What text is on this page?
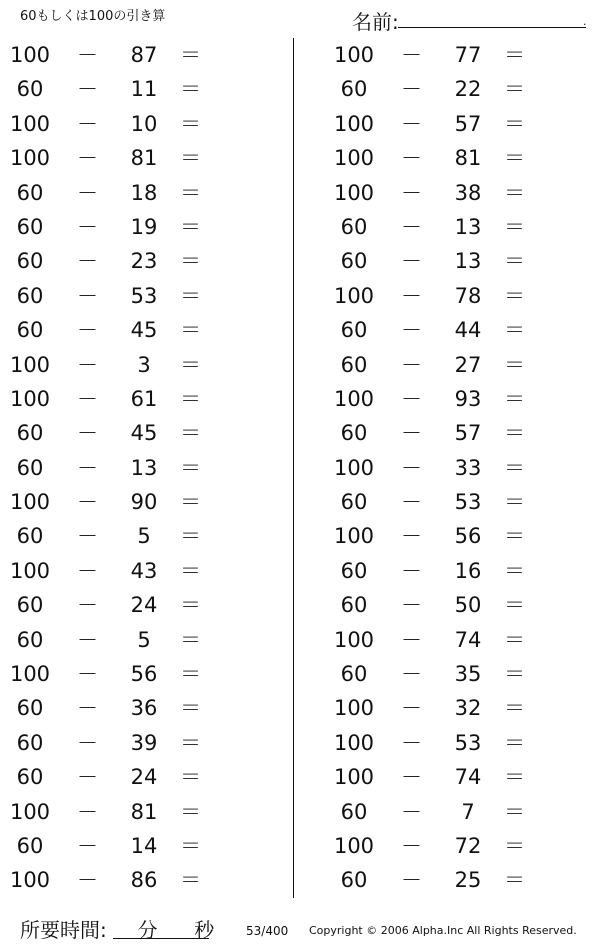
60もしくは100の引き算	名前:	.
100	－	87	＝
60	－	11	＝
100	－	10	＝
100	－	81	＝
60	－	18	＝
60	－	19	＝
60	－	23	＝
60	－	53	＝
60	－	45	＝
100	－	3	＝
100	－	61	＝
60	－	45	＝
60	－	13	＝
100	－	90	＝
60	－	5	＝
100	－	43	＝
60	－	24	＝
60	－	5	＝
100	－	56	＝
60	－	36	＝
60	－	39	＝
60	－	24	＝
100	－	81	＝
60	－	14	＝
100	－	86	＝
100	－	77	＝
60	－	22	＝
100	－	57	＝
100	－	81	＝
100	－	38	＝
60	－	13	＝
60	－	13	＝
100	－	78	＝
60	－	44	＝
60	－	27	＝
100	－	93	＝
60	－	57	＝
100	－	33	＝
60	－	53	＝
100	－	56	＝
60	－	16	＝
60	－	50	＝
100	－	74	＝
60	－	35	＝
100	－	32	＝
100	－	53	＝
100	－	74	＝
60	－	7	＝
100	－	72	＝
60	－	25	＝
所要時間: 分 秒	53/400 Copyright © 2006 Alpha.Inc All Rights Reserved.
